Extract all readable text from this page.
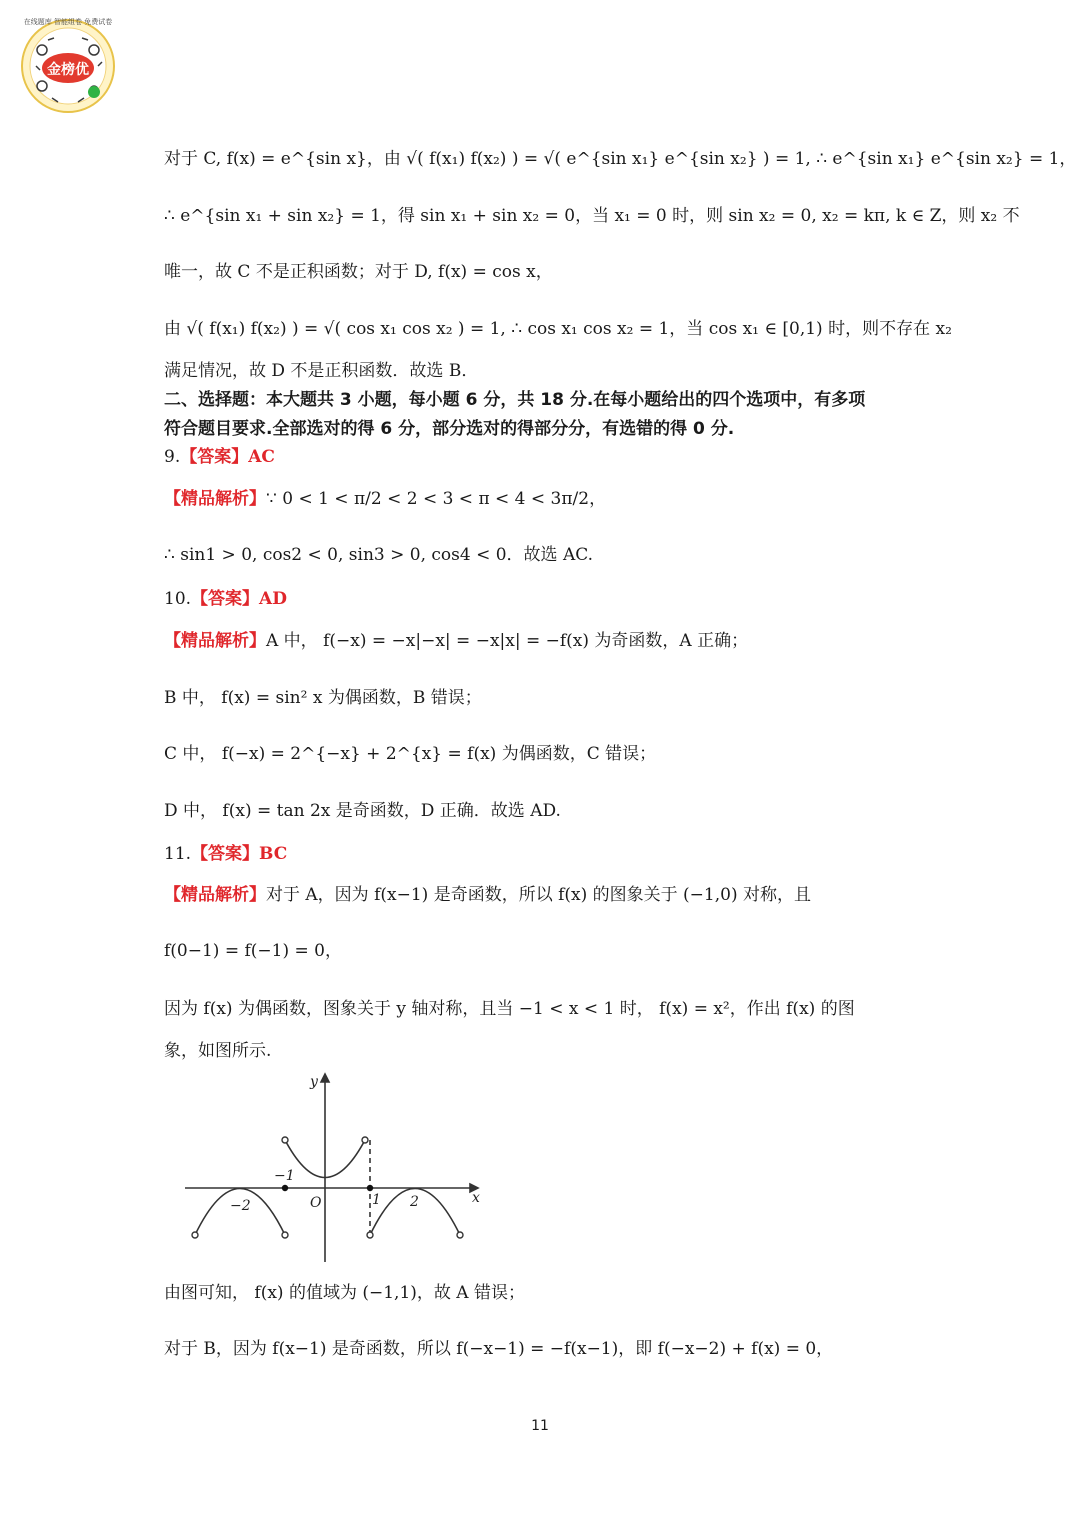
金榜优
在线题库 智能组卷 免费试卷
对于 C, f(x) = e^{sin x}，由 √( f(x₁) f(x₂) ) = √( e^{sin x₁} e^{sin x₂} ) = 1, ∴ e^{sin x₁} e^{sin x₂} = 1，
∴ e^{sin x₁ + sin x₂} = 1，得 sin x₁ + sin x₂ = 0，当 x₁ = 0 时，则 sin x₂ = 0, x₂ = kπ, k ∈ Z，则 x₂ 不
唯一，故 C 不是正积函数；对于 D, f(x) = cos x，
由 √( f(x₁) f(x₂) ) = √( cos x₁ cos x₂ ) = 1, ∴ cos x₁ cos x₂ = 1，当 cos x₁ ∈ [0,1) 时，则不存在 x₂
满足情况，故 D 不是正积函数．故选 B．
二、选择题：本大题共 3 小题，每小题 6 分，共 18 分.在每小题给出的四个选项中，有多项
符合题目要求.全部选对的得 6 分，部分选对的得部分分，有选错的得 0 分.
9.【答案】AC
【精品解析】∵ 0 < 1 < π/2 < 2 < 3 < π < 4 < 3π/2，
∴ sin1 > 0, cos2 < 0, sin3 > 0, cos4 < 0．故选 AC.
10.【答案】AD
【精品解析】A 中， f(−x) = −x|−x| = −x|x| = −f(x) 为奇函数，A 正确；
B 中， f(x) = sin² x 为偶函数，B 错误；
C 中， f(−x) = 2^{−x} + 2^{x} = f(x) 为偶函数，C 错误；
D 中， f(x) = tan 2x 是奇函数，D 正确．故选 AD.
11.【答案】BC
【精品解析】对于 A，因为 f(x−1) 是奇函数，所以 f(x) 的图象关于 (−1,0) 对称，且
f(0−1) = f(−1) = 0，
因为 f(x) 为偶函数，图象关于 y 轴对称，且当 −1 < x < 1 时， f(x) = x²，作出 f(x) 的图
象，如图所示.
y
x
O
−1
−2	1 2
由图可知， f(x) 的值域为 (−1,1)，故 A 错误；
对于 B，因为 f(x−1) 是奇函数，所以 f(−x−1) = −f(x−1)，即 f(−x−2) + f(x) = 0，
11
